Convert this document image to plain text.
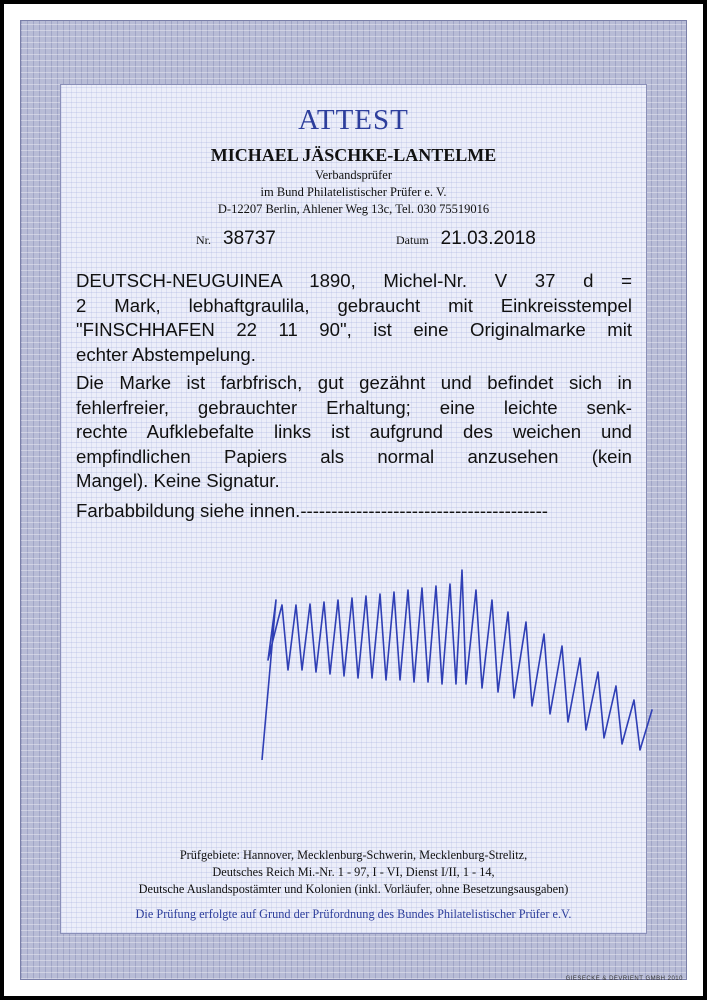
ATTEST
MICHAEL JÄSCHKE-LANTELME
Verbandsprüfer
im Bund Philatelistischer Prüfer e. V.
D-12207 Berlin, Ahlener Weg 13c, Tel. 030 75519016
Nr. 38737	Datum 21.03.2018
DEUTSCH-NEUGUINEA 1890, Michel-Nr. V 37 d =
2 Mark, lebhaftgraulila, gebraucht mit Einkreisstempel
"FINSCHHAFEN 22 11 90", ist eine Originalmarke mit
echter Abstempelung.
Die Marke ist farbfrisch, gut gezähnt und befindet sich in
fehlerfreier, gebrauchter Erhaltung; eine leichte senk-
rechte Aufklebefalte links ist aufgrund des weichen und
empfindlichen Papiers als normal anzusehen (kein
Mangel). Keine Signatur.
Farbabbildung siehe innen.----------------------------------------
Prüfgebiete: Hannover, Mecklenburg-Schwerin, Mecklenburg-Strelitz,
Deutsches Reich Mi.-Nr. 1 - 97, I - VI, Dienst I/II, 1 - 14,
Deutsche Auslandspostämter und Kolonien (inkl. Vorläufer, ohne Besetzungsausgaben)
Die Prüfung erfolgte auf Grund der Prüfordnung des Bundes Philatelistischer Prüfer e.V.
GIESECKE & DEVRIENT GMBH 2010
